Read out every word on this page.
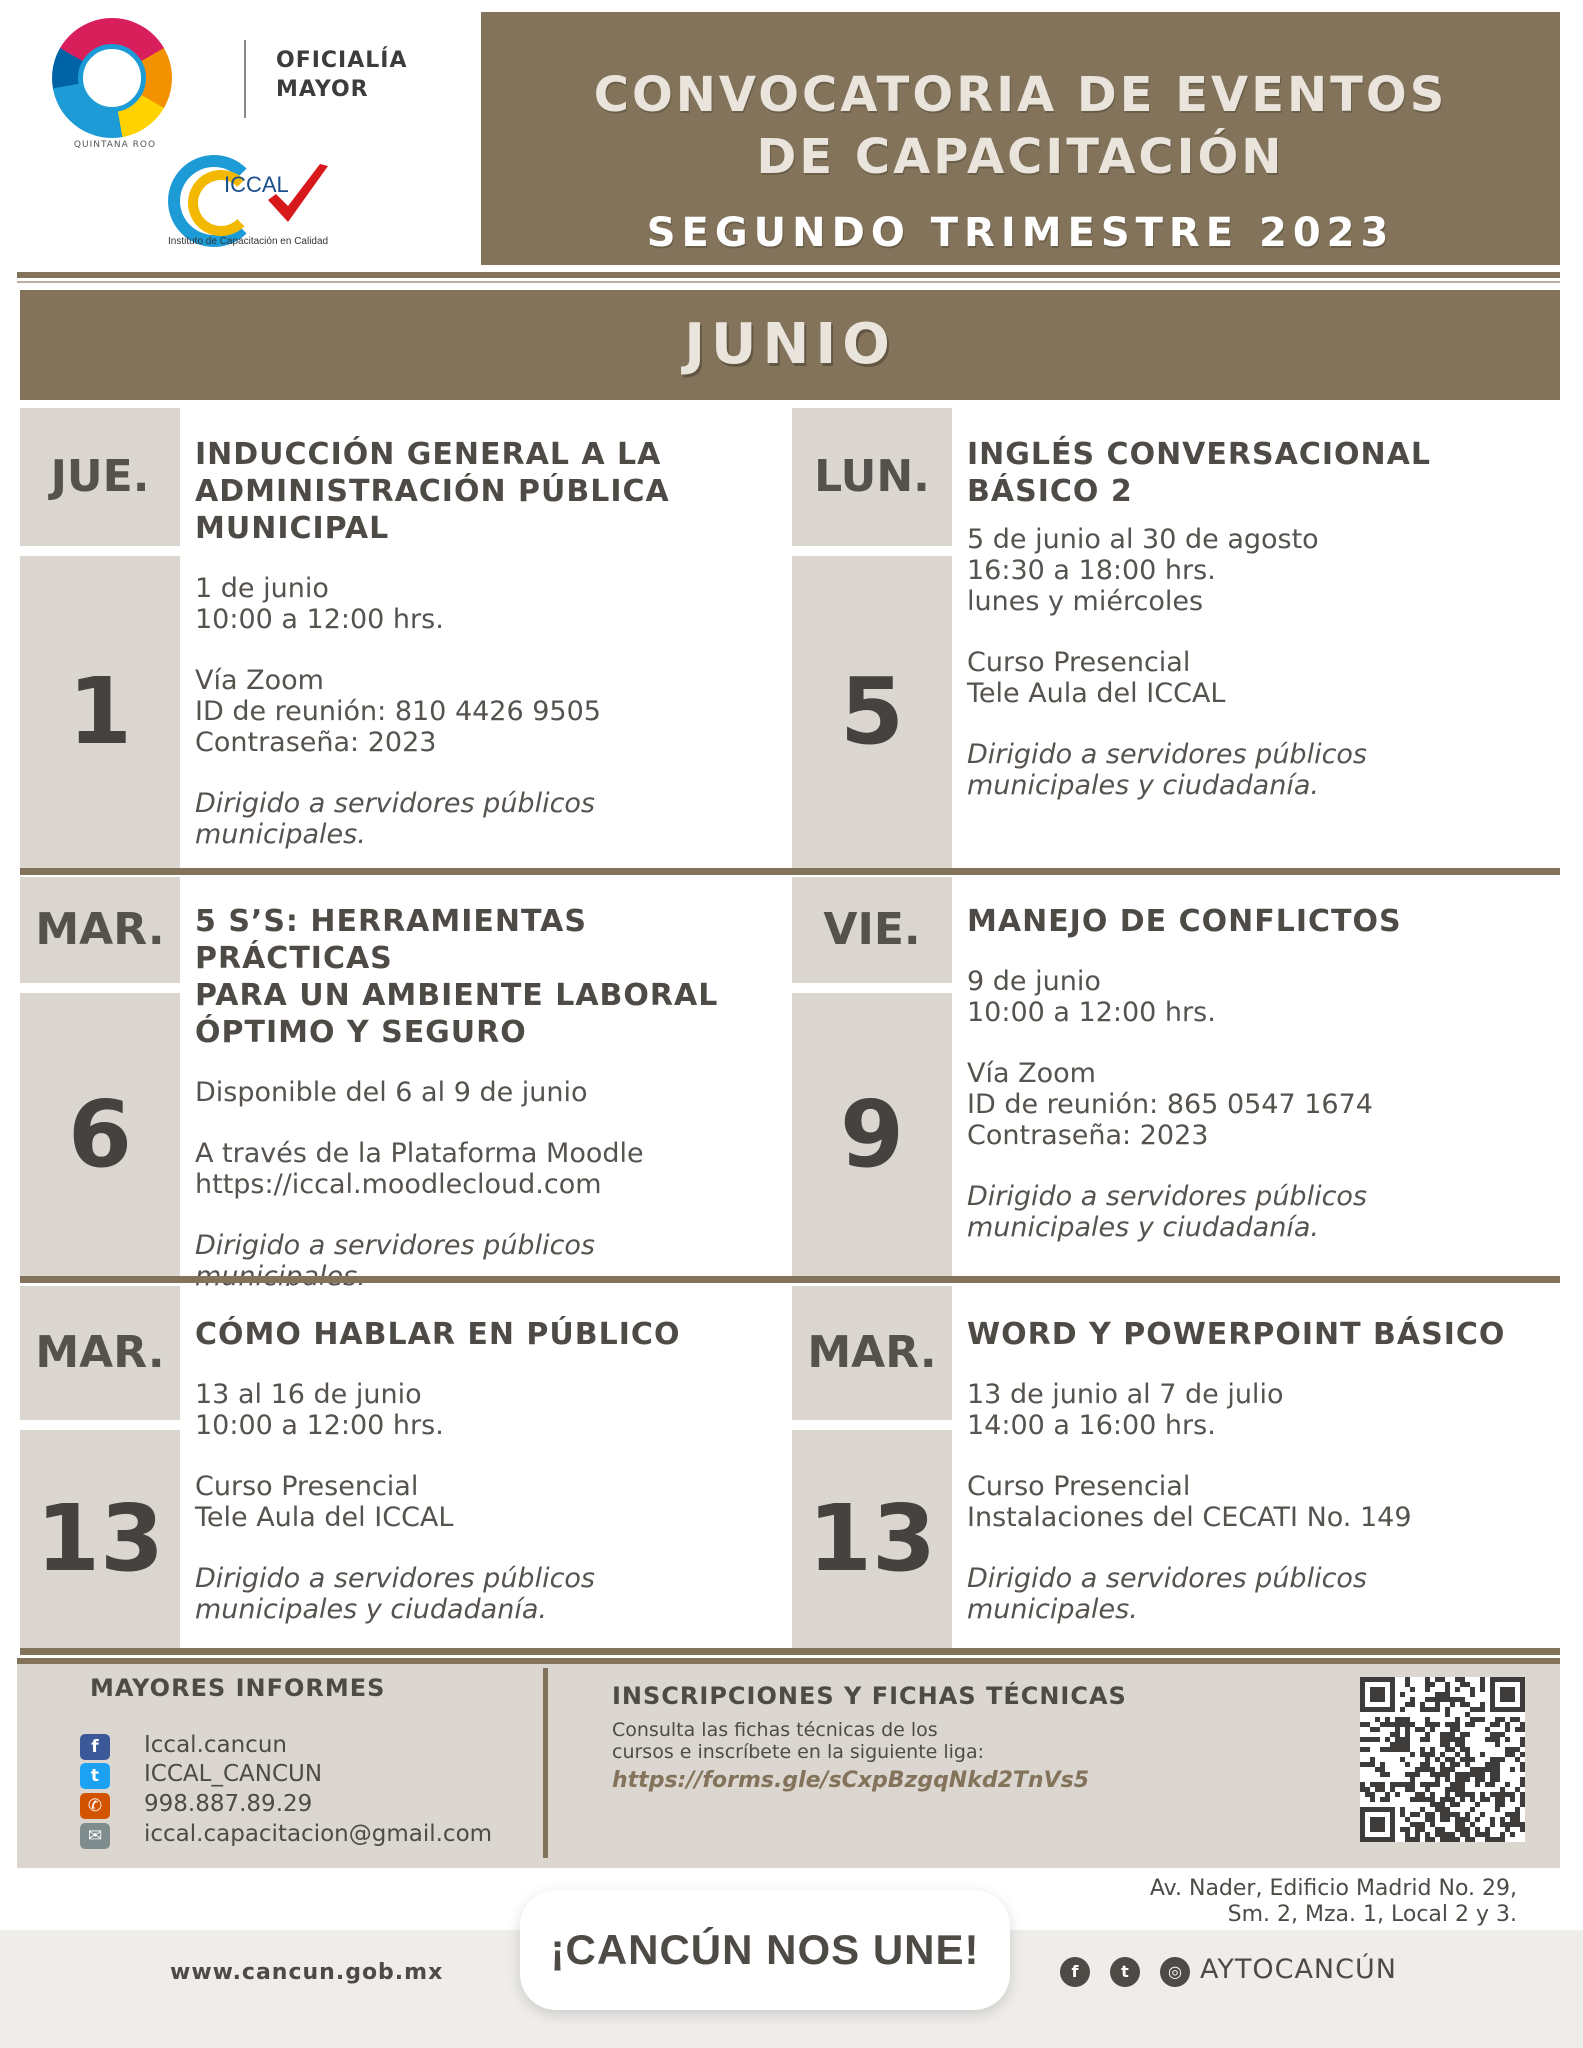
QUINTANA ROO
OFICIALÍA
MAYOR
ICCAL
Instituto de Capacitación en Calidad
CONVOCATORIA DE EVENTOS
DE CAPACITACIÓN
SEGUNDO TRIMESTRE 2023
JUNIO
JUE.
1
INDUCCIÓN GENERAL A LA
ADMINISTRACIÓN PÚBLICA
MUNICIPAL
1 de junio
10:00 a 12:00 hrs.
Vía Zoom
ID de reunión: 810 4426 9505
Contraseña: 2023
Dirigido a servidores públicos
municipales.
LUN.
5
INGLÉS CONVERSACIONAL
BÁSICO 2
5 de junio al 30 de agosto
16:30 a 18:00 hrs.
lunes y miércoles
Curso Presencial
Tele Aula del ICCAL
Dirigido a servidores públicos
municipales y ciudadanía.
MAR.
6
5 S’S: HERRAMIENTAS PRÁCTICAS
PARA UN AMBIENTE LABORAL
ÓPTIMO Y SEGURO
Disponible del 6 al 9 de junio
A través de la Plataforma Moodle
https://iccal.moodlecloud.com
Dirigido a servidores públicos
VIE.
9
MANEJO DE CONFLICTOS
9 de junio
10:00 a 12:00 hrs.
Vía Zoom
ID de reunión: 865 0547 1674
Contraseña: 2023
Dirigido a servidores públicos
municipales y ciudadanía.
MAR.
13
CÓMO HABLAR EN PÚBLICO
13 al 16 de junio
10:00 a 12:00 hrs.
Curso Presencial
Tele Aula del ICCAL
Dirigido a servidores públicos
municipales y ciudadanía.
MAR.
13
WORD Y POWERPOINT BÁSICO
13 de junio al 7 de julio
14:00 a 16:00 hrs.
Curso Presencial
Instalaciones del CECATI No. 149
Dirigido a servidores públicos
municipales.
MAYORES INFORMES
f	Iccal.cancun
t	ICCAL_CANCUN
✆	998.887.89.29
✉	iccal.capacitacion@gmail.com
INSCRIPCIONES Y FICHAS TÉCNICAS
Consulta las fichas técnicas de los
cursos e inscríbete en la siguiente liga:
https://forms.gle/sCxpBzgqNkd2TnVs5
Av. Nader, Edificio Madrid No. 29,
Sm. 2, Mza. 1, Local 2 y 3.
www.cancun.gob.mx	¡CANCÚN NOS UNE!	f	t	◎ AYTOCANCÚN
